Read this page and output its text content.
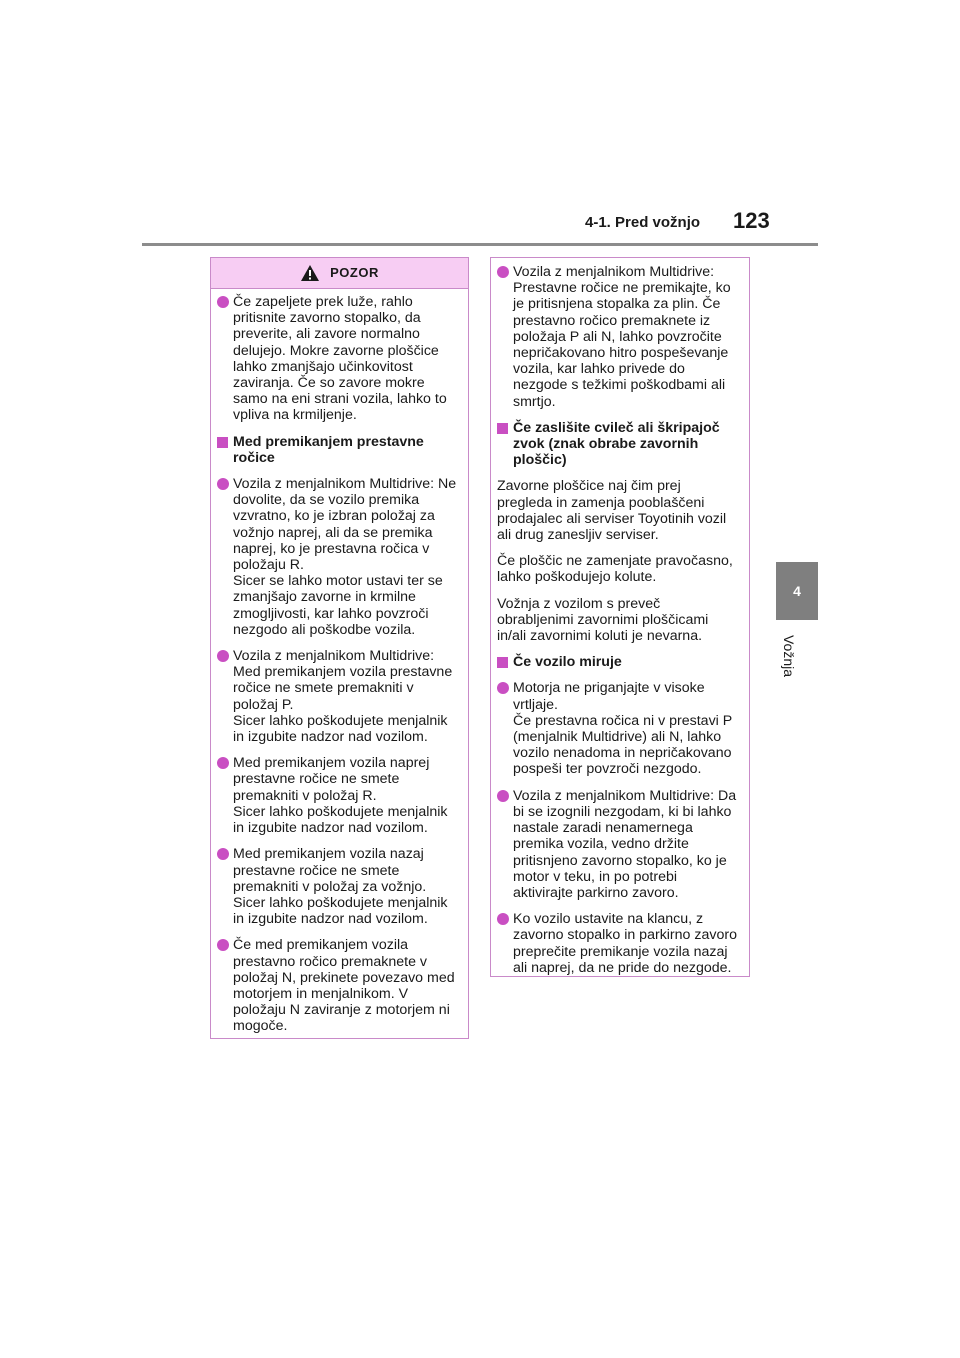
4-1. Pred vožnjo 123
4
Vožnja
POZOR
Če zapeljete prek luže, rahlo
pritisnite zavorno stopalko, da
preverite, ali zavore normalno
delujejo. Mokre zavorne ploščice
lahko zmanjšajo učinkovitost
zaviranja. Če so zavore mokre
samo na eni strani vozila, lahko to
vpliva na krmiljenje.
Med premikanjem prestavne
ročice
Vozila z menjalnikom Multidrive: Ne
dovolite, da se vozilo premika
vzvratno, ko je izbran položaj za
vožnjo naprej, ali da se premika
naprej, ko je prestavna ročica v
položaju R.
Sicer se lahko motor ustavi ter se
zmanjšajo zavorne in krmilne
zmogljivosti, kar lahko povzroči
nezgodo ali poškodbe vozila.
Vozila z menjalnikom Multidrive:
Med premikanjem vozila prestavne
ročice ne smete premakniti v
položaj P.
Sicer lahko poškodujete menjalnik
in izgubite nadzor nad vozilom.
Med premikanjem vozila naprej
prestavne ročice ne smete
premakniti v položaj R.
Sicer lahko poškodujete menjalnik
in izgubite nadzor nad vozilom.
Med premikanjem vozila nazaj
prestavne ročice ne smete
premakniti v položaj za vožnjo.
Sicer lahko poškodujete menjalnik
in izgubite nadzor nad vozilom.
Če med premikanjem vozila
prestavno ročico premaknete v
položaj N, prekinete povezavo med
motorjem in menjalnikom. V
položaju N zaviranje z motorjem ni
mogoče.
Vozila z menjalnikom Multidrive:
Prestavne ročice ne premikajte, ko
je pritisnjena stopalka za plin. Če
prestavno ročico premaknete iz
položaja P ali N, lahko povzročite
nepričakovano hitro pospeševanje
vozila, kar lahko privede do
nezgode s težkimi poškodbami ali
smrtjo.
Če zaslišite cvileč ali škripajoč
zvok (znak obrabe zavornih
ploščic)
Zavorne ploščice naj čim prej
pregleda in zamenja pooblaščeni
prodajalec ali serviser Toyotinih vozil
ali drug zanesljiv serviser.
Če ploščic ne zamenjate pravočasno,
lahko poškodujejo kolute.
Vožnja z vozilom s preveč
obrabljenimi zavornimi ploščicami
in/ali zavornimi koluti je nevarna.
Če vozilo miruje
Motorja ne priganjajte v visoke
vrtljaje.
Če prestavna ročica ni v prestavi P
(menjalnik Multidrive) ali N, lahko
vozilo nenadoma in nepričakovano
pospeši ter povzroči nezgodo.
Vozila z menjalnikom Multidrive: Da
bi se izognili nezgodam, ki bi lahko
nastale zaradi nenamernega
premika vozila, vedno držite
pritisnjeno zavorno stopalko, ko je
motor v teku, in po potrebi
aktivirajte parkirno zavoro.
Ko vozilo ustavite na klancu, z
zavorno stopalko in parkirno zavoro
preprečite premikanje vozila nazaj
ali naprej, da ne pride do nezgode.
